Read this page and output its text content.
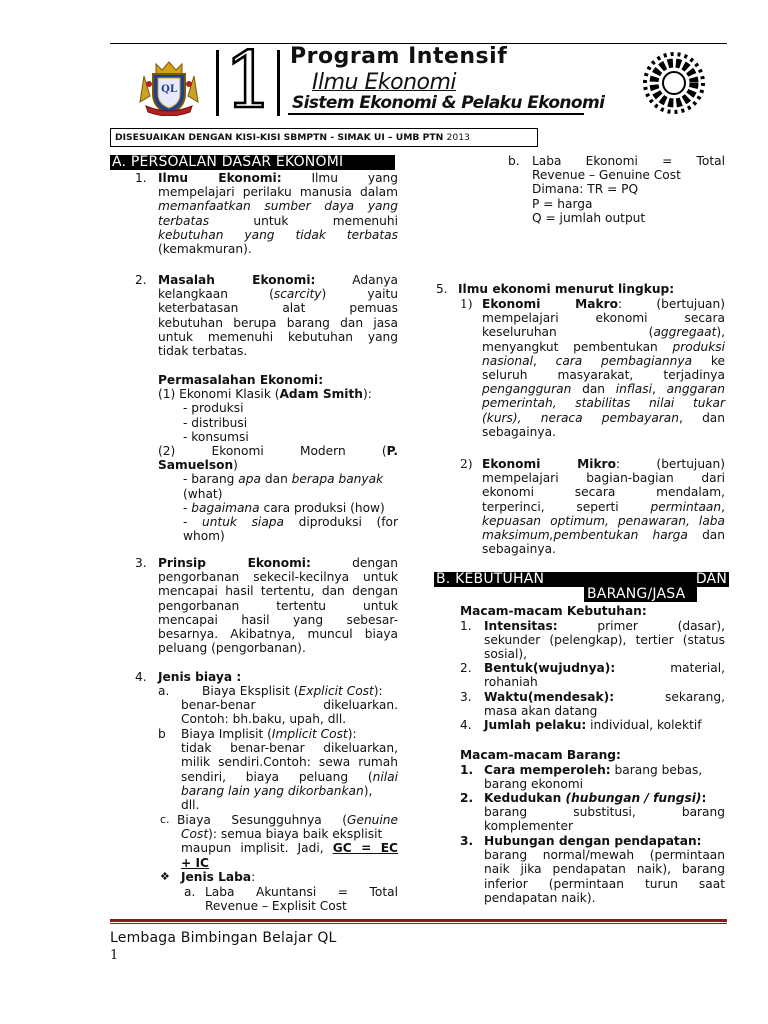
QL 1 Program Intensif
Ilmu Ekonomi
Sistem Ekonomi & Pelaku Ekonomi
DISESUAIKAN DENGAN KISI-KISI SBMPTN - SIMAK UI – UMB PTN 2013
A. PERSOALAN DASAR EKONOMI
1. Ilmu Ekonomi: Ilmu yang

mempelajari perilaku manusia dalam

memanfaatkan sumber daya yang

terbatas	untuk memenuhi

kebutuhan yang tidak terbatas

(kemakmuran).

2. Masalah Ekonomi:	Adanya

kelangkaan (scarcity) yaitu

keterbatasan alat pemuas

kebutuhan berupa barang dan jasa

untuk memenuhi kebutuhan yang

tidak terbatas.

Permasalahan Ekonomi:

(1) Ekonomi Klasik (Adam Smith):

- produksi

- distribusi

- konsumsi

(2) Ekonomi Modern (P.

Samuelson)

- barang apa dan berapa banyak

(what)

- bagaimana cara produksi (how)

- untuk siapa diproduksi (for

whom)

3. Prinsip Ekonomi:	dengan

pengorbanan sekecil-kecilnya untuk

mencapai hasil tertentu, dan dengan

pengorbanan tertentu untuk

mencapai hasil yang sebesar-

besarnya. Akibatnya, muncul biaya

peluang (pengorbanan).

4. Jenis biaya :
a.	Biaya Eksplisit (Explicit Cost):

benar-benar dikeluarkan.

Contoh: bh.baku, upah, dll.

b Biaya Implisit (Implicit Cost):

tidak benar-benar dikeluarkan,

milik sendiri.Contoh: sewa rumah

sendiri, biaya peluang (nilai

barang lain yang dikorbankan),

dll.

c. Biaya Sesungguhnya (Genuine

Cost): semua biaya baik eksplisit

maupun implisit. Jadi, GC = EC

+ IC

❖ Jenis Laba:
a. Laba Akuntansi = Total

Revenue – Explisit Cost

b. Laba Ekonomi = Total

Revenue – Genuine Cost

Dimana: TR = PQ

P = harga

Q = jumlah output

5. Ilmu ekonomi menurut lingkup:
1) Ekonomi Makro: (bertujuan)

mempelajari ekonomi secara

keseluruhan (aggregaat),

menyangkut pembentukan produksi

nasional, cara pembagiannya ke

seluruh masyarakat, terjadinya

pengangguran dan inflasi, anggaran

pemerintah, stabilitas nilai tukar

(kurs), neraca pembayaran, dan

sebagainya.

2) Ekonomi Mikro: (bertujuan)

mempelajari bagian-bagian dari

ekonomi secara mendalam,

terperinci, seperti permintaan,

kepuasan optimum, penawaran, laba

maksimum,pembentukan harga dan

sebagainya.

B. KEBUTUHAN	DAN
BARANG/JASA
Macam-macam Kebutuhan:
1. Intensitas:	primer (dasar),

sekunder (pelengkap), tertier (status

sosial),

2. Bentuk(wujudnya):	material,

rohaniah

3. Waktu(mendesak):	sekarang,

masa akan datang

4. Jumlah pelaku: individual, kolektif

Macam-macam Barang:
1. Cara memperoleh: barang bebas,

barang ekonomi

2. Kedudukan (hubungan / fungsi):

barang substitusi, barang

komplementer

3. Hubungan dengan pendapatan:

barang normal/mewah (permintaan

naik jika pendapatan naik), barang

inferior (permintaan turun saat

pendapatan naik).

Lembaga Bimbingan Belajar QL
1
